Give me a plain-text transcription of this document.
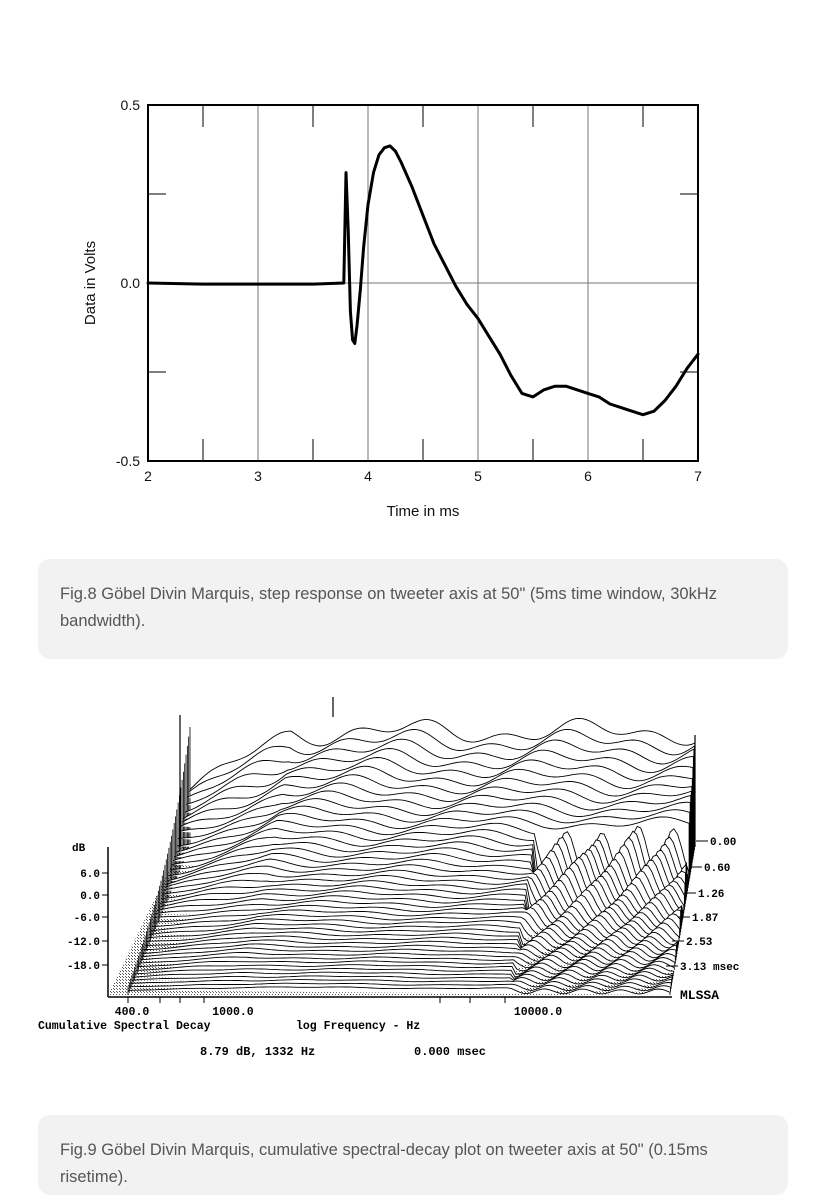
2	3	4	5	6	7
0.5
0.0
-0.5
Time in ms
Data in Volts
Fig.8 Göbel Divin Marquis, step response on tweeter axis at 50" (5ms time window, 30kHz bandwidth).
dB
6.0
0.0
-6.0
-12.0
-18.0
400.0	1000.0	10000.0
0.00
0.60
1.26
1.87
2.53
3.13 msec
MLSSA
Cumulative Spectral Decay	log Frequency - Hz
8.79 dB, 1332 Hz	0.000 msec
Fig.9 Göbel Divin Marquis, cumulative spectral-decay plot on tweeter axis at 50" (0.15ms risetime).
